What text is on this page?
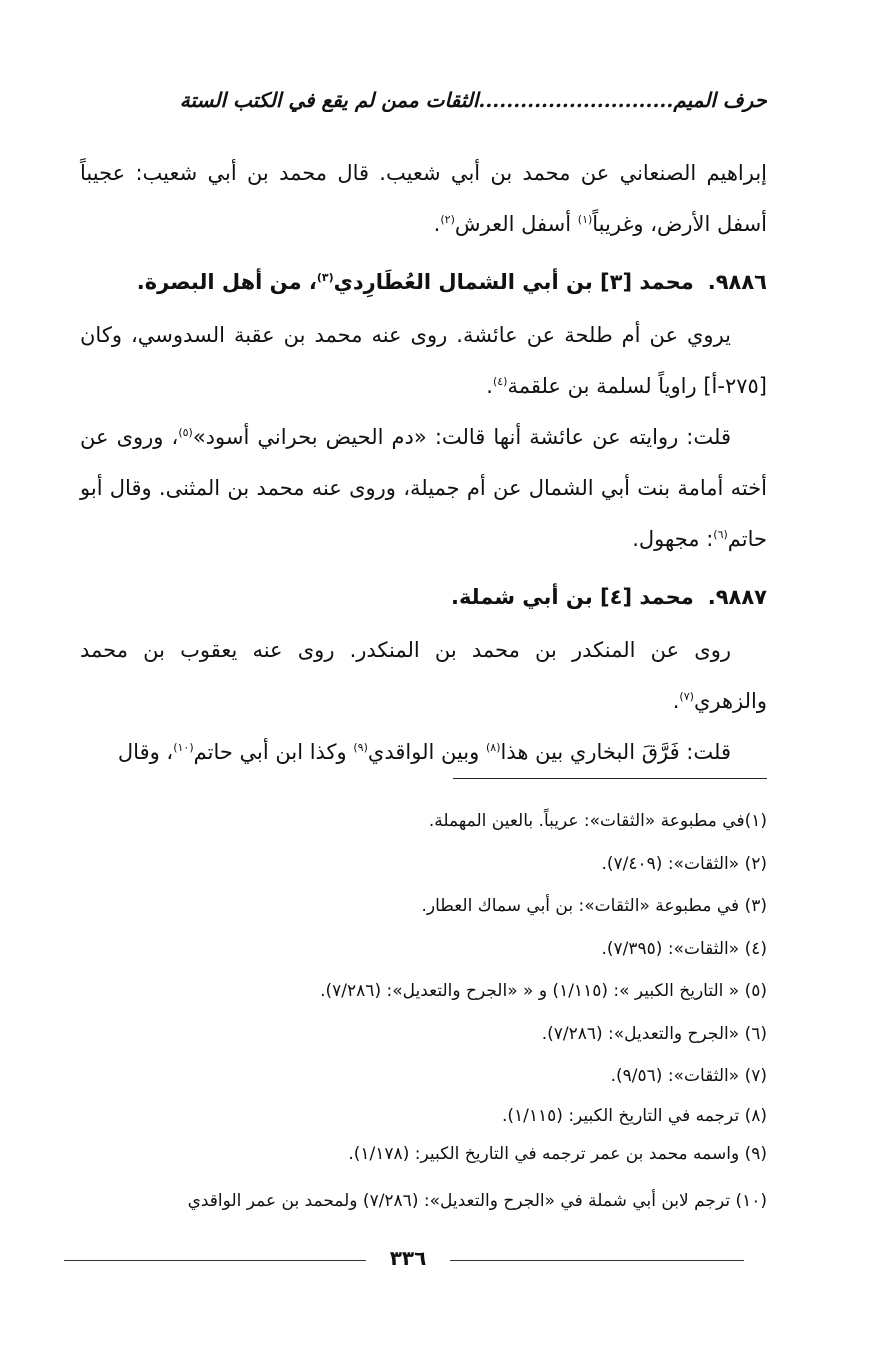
حرف الميم............................الثقات ممن لم يقع في الكتب الستة

إبراهيم الصنعاني عن محمد بن أبي شعيب. قال محمد بن أبي شعيب: عجيباً أسفل الأرض، وغريباً$^{(١)}$ أسفل العرش$^{(٢)}$.

٩٨٨٦.محمد [٣] بن أبي الشمال العُطَارِدي$^{(٣)}$، من أهل البصرة.

يروي عن أم طلحة عن عائشة. روى عنه محمد بن عقبة السدوسي، وكان [٢٧٥-أ] راوياً لسلمة بن علقمة$^{(٤)}$.

قلت: روايته عن عائشة أنها قالت: «دم الحيض بحراني أسود»$^{(٥)}$، وروى عن أخته أمامة بنت أبي الشمال عن أم جميلة، وروى عنه محمد بن المثنى. وقال أبو حاتم$^{(٦)}$: مجهول.

٩٨٨٧.محمد [٤] بن أبي شملة.

روى عن المنكدر بن محمد بن المنكدر. روى عنه يعقوب بن محمد والزهري$^{(٧)}$.

قلت: فَرَّقَ البخاري بين هذا$^{(٨)}$ وبين الواقدي$^{(٩)}$ وكذا ابن أبي حاتم$^{(١٠)}$، وقال

(١)في مطبوعة «الثقات»: عريباً. بالعين المهملة.

(٢) «الثقات»: (٧/٤٠٩).

(٣) في مطبوعة «الثقات»: بن أبي سماك العطار.

(٤) «الثقات»: (٧/٣٩٥).

(٥) « التاريخ الكبير »: (١/١١٥) و « «الجرح والتعديل»: (٧/٢٨٦).

(٦) «الجرح والتعديل»: (٧/٢٨٦).

(٧) «الثقات»: (٩/٥٦).

(٨) ترجمه في التاريخ الكبير: (١/١١٥).

(٩) واسمه محمد بن عمر ترجمه في التاريخ الكبير: (١/١٧٨).

(١٠) ترجم لابن أبي شملة في «الجرح والتعديل»: (٧/٢٨٦) ولمحمد بن عمر الواقدي

٣٣٦
